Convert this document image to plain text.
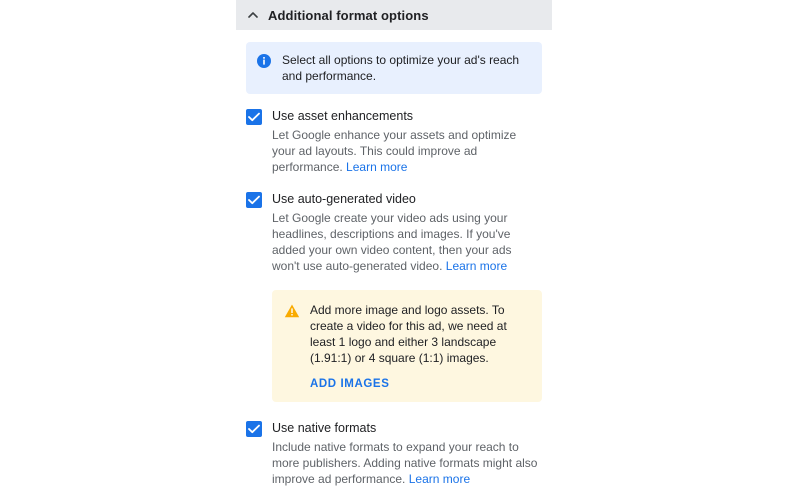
Additional format options
Select all options to optimize your ad's reach and performance.
Use asset enhancements
Let Google enhance your assets and optimize your ad layouts. This could improve ad performance. Learn more
Use auto-generated video
Let Google create your video ads using your headlines, descriptions and images. If you've added your own video content, then your ads won't use auto-generated video. Learn more
Add more image and logo assets. To create a video for this ad, we need at least 1 logo and either 3 landscape (1.91:1) or 4 square (1:1) images.
ADD IMAGES
Use native formats
Include native formats to expand your reach to more publishers. Adding native formats might also improve ad performance. Learn more
